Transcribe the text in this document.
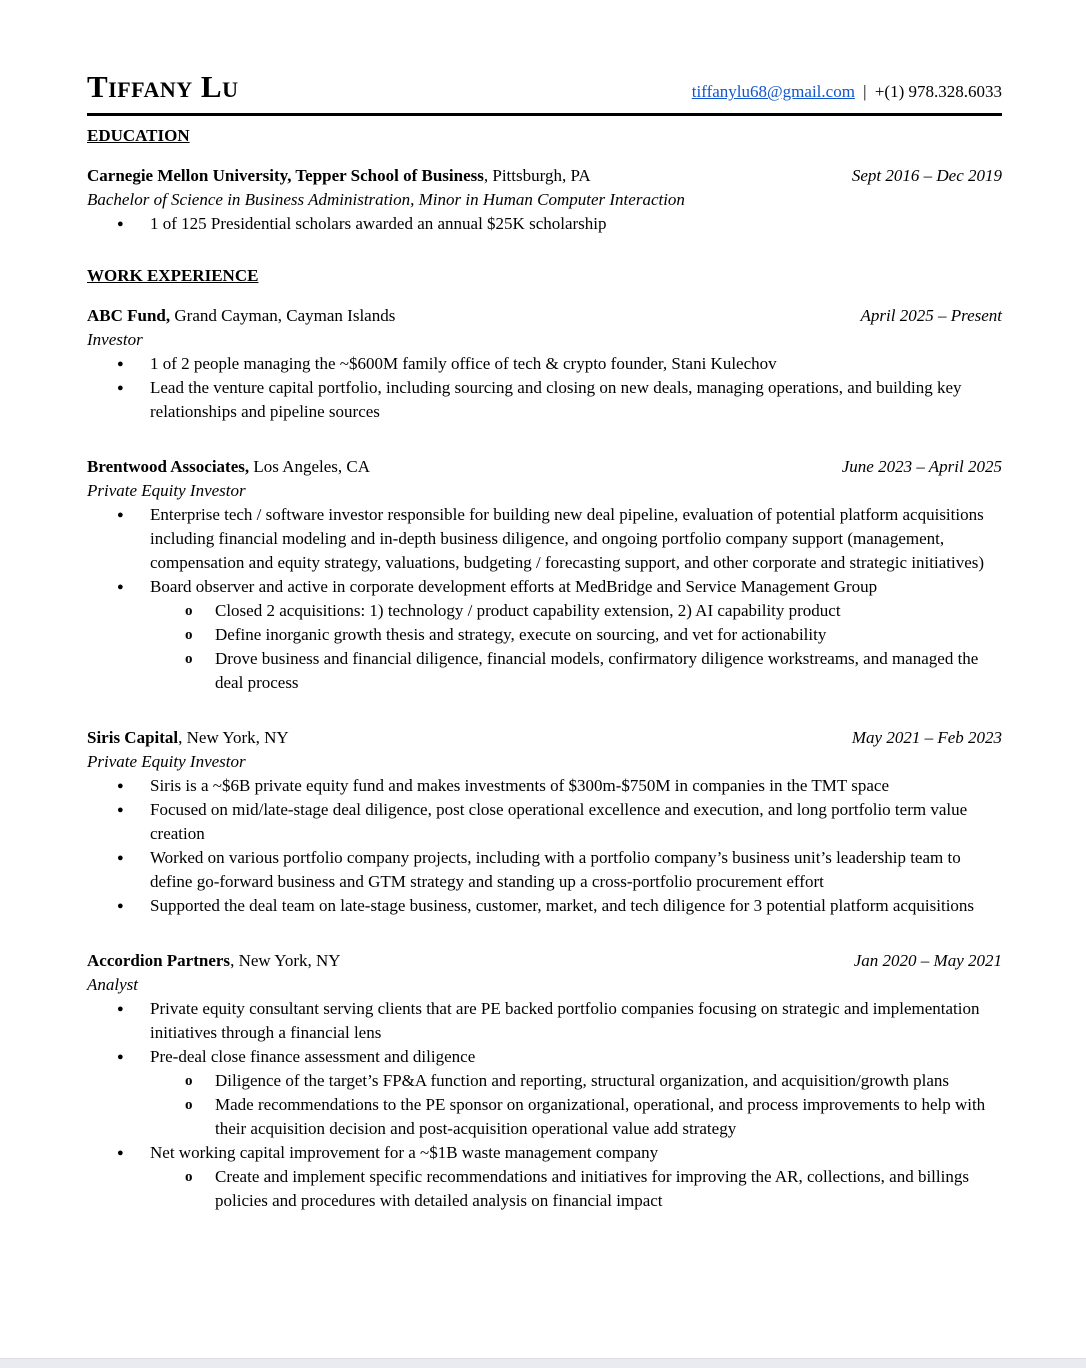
Tiffany Lu	tiffanylu68@gmail.com | +(1) 978.328.6033
EDUCATION
Carnegie Mellon University, Tepper School of Business, Pittsburgh, PA	Sept 2016 – Dec 2019
Bachelor of Science in Business Administration, Minor in Human Computer Interaction
● 1 of 125 Presidential scholars awarded an annual $25K scholarship
WORK EXPERIENCE
ABC Fund, Grand Cayman, Cayman Islands	April 2025 – Present
Investor
● 1 of 2 people managing the ~$600M family office of tech & crypto founder, Stani Kulechov
● Lead the venture capital portfolio, including sourcing and closing on new deals, managing operations, and building key relationships and pipeline sources
Brentwood Associates, Los Angeles, CA	June 2023 – April 2025
Private Equity Investor
● Enterprise tech / software investor responsible for building new deal pipeline, evaluation of potential platform acquisitions including financial modeling and in-depth business diligence, and ongoing portfolio company support (management, compensation and equity strategy, valuations, budgeting / forecasting support, and other corporate and strategic initiatives)
● Board observer and active in corporate development efforts at MedBridge and Service Management Group
o Closed 2 acquisitions: 1) technology / product capability extension, 2) AI capability product
o Define inorganic growth thesis and strategy, execute on sourcing, and vet for actionability
o Drove business and financial diligence, financial models, confirmatory diligence workstreams, and managed the deal process
Siris Capital, New York, NY	May 2021 – Feb 2023
Private Equity Investor
● Siris is a ~$6B private equity fund and makes investments of $300m-$750M in companies in the TMT space
● Focused on mid/late-stage deal diligence, post close operational excellence and execution, and long portfolio term value creation
● Worked on various portfolio company projects, including with a portfolio company’s business unit’s leadership team to define go-forward business and GTM strategy and standing up a cross-portfolio procurement effort
● Supported the deal team on late-stage business, customer, market, and tech diligence for 3 potential platform acquisitions
Accordion Partners, New York, NY	Jan 2020 – May 2021
Analyst
● Private equity consultant serving clients that are PE backed portfolio companies focusing on strategic and implementation initiatives through a financial lens
● Pre-deal close finance assessment and diligence
o Diligence of the target’s FP&A function and reporting, structural organization, and acquisition/growth plans
o Made recommendations to the PE sponsor on organizational, operational, and process improvements to help with their acquisition decision and post-acquisition operational value add strategy
● Net working capital improvement for a ~$1B waste management company
o Create and implement specific recommendations and initiatives for improving the AR, collections, and billings policies and procedures with detailed analysis on financial impact
